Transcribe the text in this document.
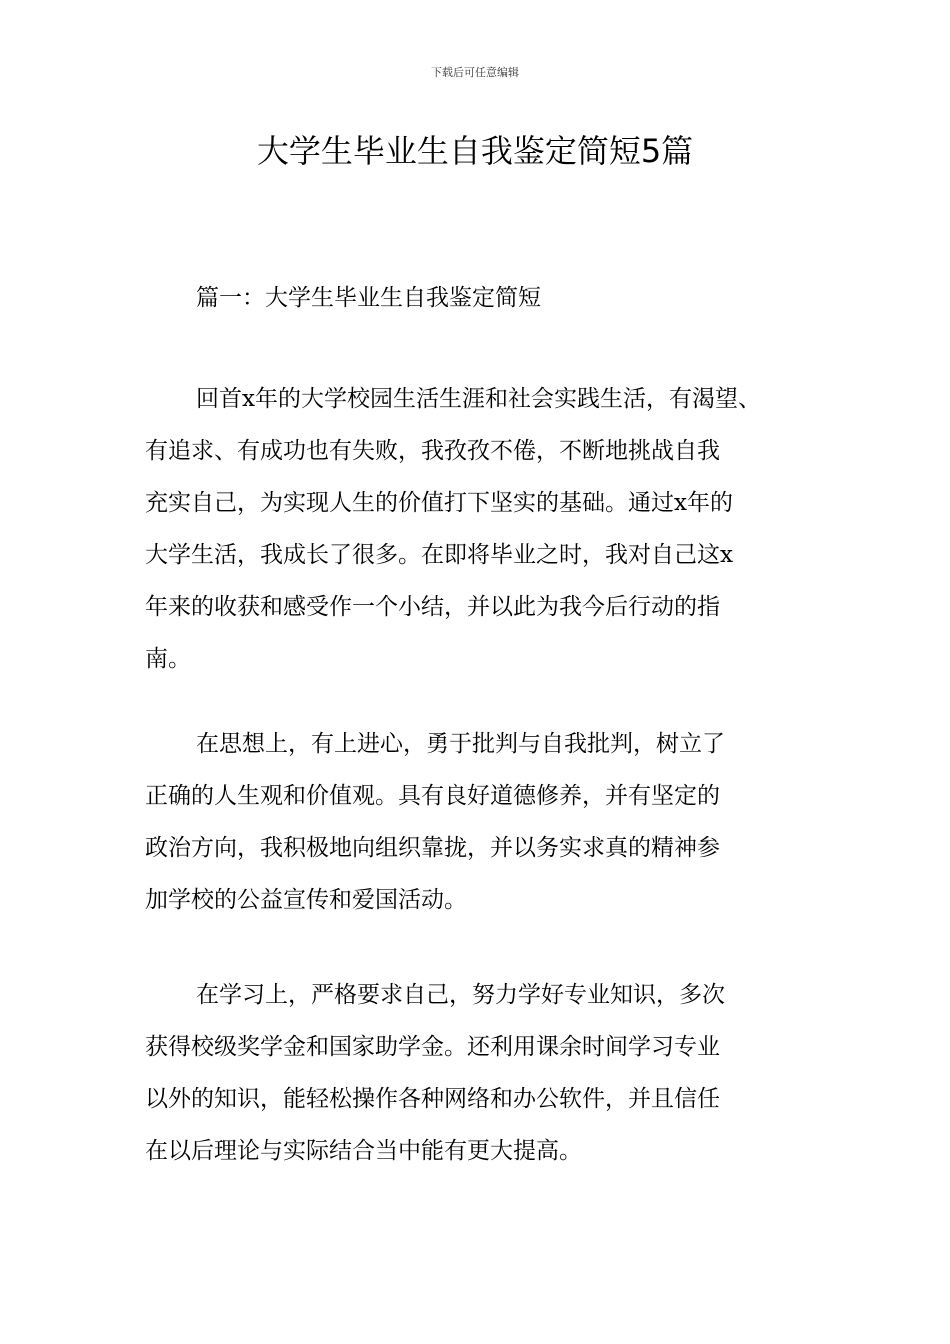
下载后可任意编辑
大学生毕业生自我鉴定简短5篇
篇一：大学生毕业生自我鉴定简短
回首x年的大学校园生活生涯和社会实践生活，有渴望、
有追求、有成功也有失败，我孜孜不倦，不断地挑战自我
充实自己，为实现人生的价值打下坚实的基础。通过x年的
大学生活，我成长了很多。在即将毕业之时，我对自己这x
年来的收获和感受作一个小结，并以此为我今后行动的指
南。
在思想上，有上进心，勇于批判与自我批判，树立了
正确的人生观和价值观。具有良好道德修养，并有坚定的
政治方向，我积极地向组织靠拢，并以务实求真的精神参
加学校的公益宣传和爱国活动。
在学习上，严格要求自己，努力学好专业知识，多次
获得校级奖学金和国家助学金。还利用课余时间学习专业
以外的知识，能轻松操作各种网络和办公软件，并且信任
在以后理论与实际结合当中能有更大提高。
